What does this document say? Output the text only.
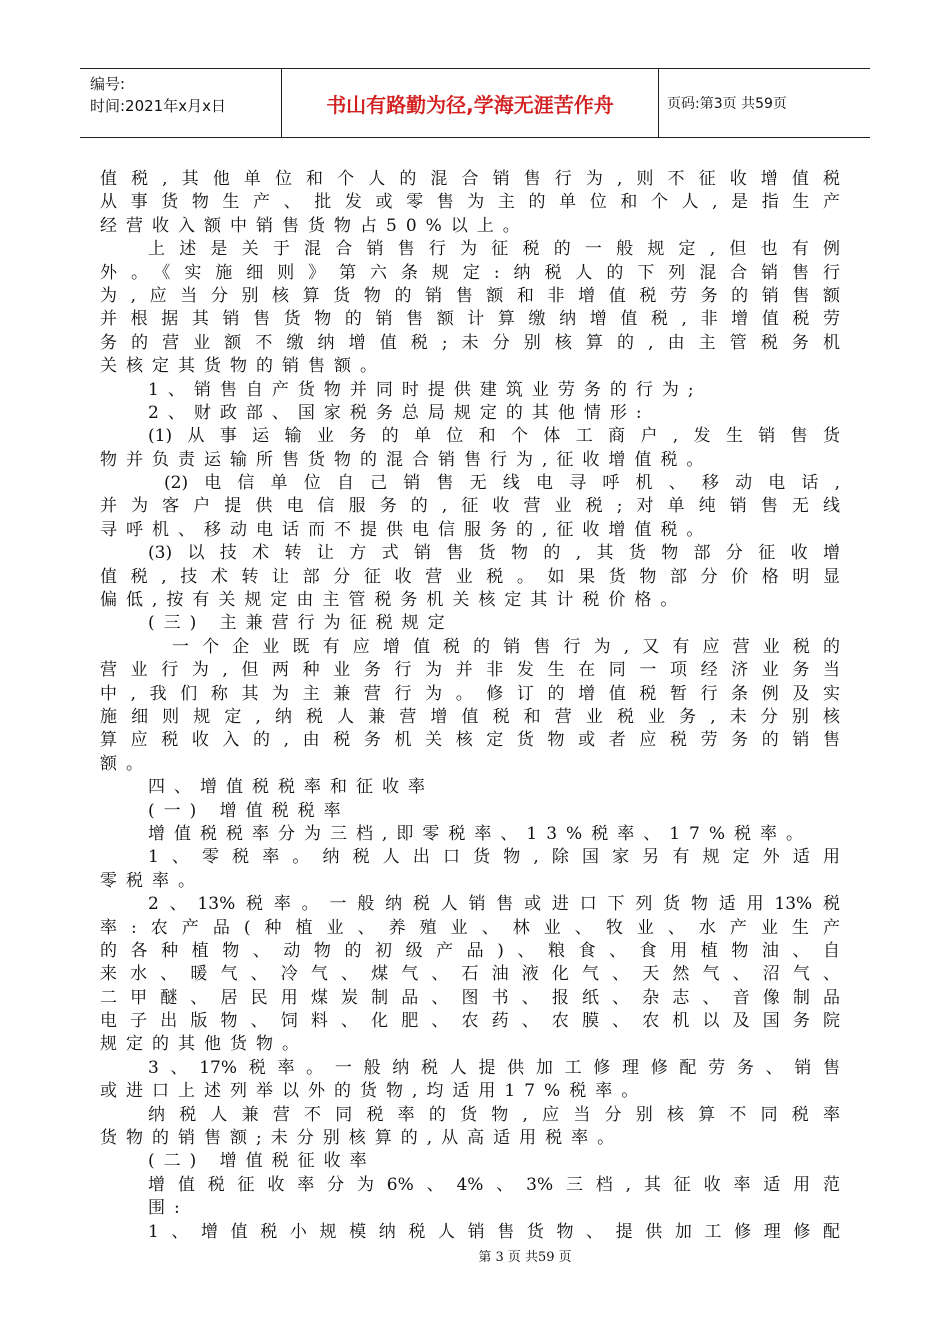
编号:
时间:2021年x月x日	书山有路勤为径,学海无涯苦作舟	页码:第3页 共59页
值税,其他单位和个人的混合销售行为,则不征收增值税
从事货物生产、批发或零售为主的单位和个人,是指生产
经营收入额中销售货物占50%以上。
上述是关于混合销售行为征税的一般规定,但也有例
外。《实施细则》第六条规定:纳税人的下列混合销售行
为,应当分别核算货物的销售额和非增值税劳务的销售额
并根据其销售货物的销售额计算缴纳增值税,非增值税劳
务的营业额不缴纳增值税;未分别核算的,由主管税务机
关核定其货物的销售额。
1、销售自产货物并同时提供建筑业劳务的行为;
2、财政部、国家税务总局规定的其他情形:
(1)从事运输业务的单位和个体工商户,发生销售货
物并负责运输所售货物的混合销售行为,征收增值税。
(2)电信单位自己销售无线电寻呼机、移动电话,
并为客户提供电信服务的,征收营业税;对单纯销售无线
寻呼机、移动电话而不提供电信服务的,征收增值税。
(3)以技术转让方式销售货物的,其货物部分征收增
值税,技术转让部分征收营业税。如果货物部分价格明显
偏低,按有关规定由主管税务机关核定其计税价格。
(三) 主兼营行为征税规定
一个企业既有应增值税的销售行为,又有应营业税的
营业行为,但两种业务行为并非发生在同一项经济业务当
中,我们称其为主兼营行为。修订的增值税暂行条例及实
施细则规定,纳税人兼营增值税和营业税业务,未分别核
算应税收入的,由税务机关核定货物或者应税劳务的销售
额。
四、增值税税率和征收率
(一) 增值税税率
增值税税率分为三档,即零税率、13%税率、17%税率。
1、零税率。纳税人出口货物,除国家另有规定外适用
零税率。
2、13%税率。一般纳税人销售或进口下列货物适用13%税
率:农产品(种植业、养殖业、林业、牧业、水产业生产
的各种植物、动物的初级产品)、粮食、食用植物油、自
来水、暖气、冷气、煤气、石油液化气、天然气、沼气、
二甲醚、居民用煤炭制品、图书、报纸、杂志、音像制品
电子出版物、饲料、化肥、农药、农膜、农机以及国务院
规定的其他货物。
3、17%税率。一般纳税人提供加工修理修配劳务、销售
或进口上述列举以外的货物,均适用17%税率。
纳税人兼营不同税率的货物,应当分别核算不同税率
货物的销售额;未分别核算的,从高适用税率。
(二) 增值税征收率
增值税征收率分为6%、4%、3%三档,其征收率适用范
围:
1、增值税小规模纳税人销售货物、提供加工修理修配
第 3 页 共59 页
